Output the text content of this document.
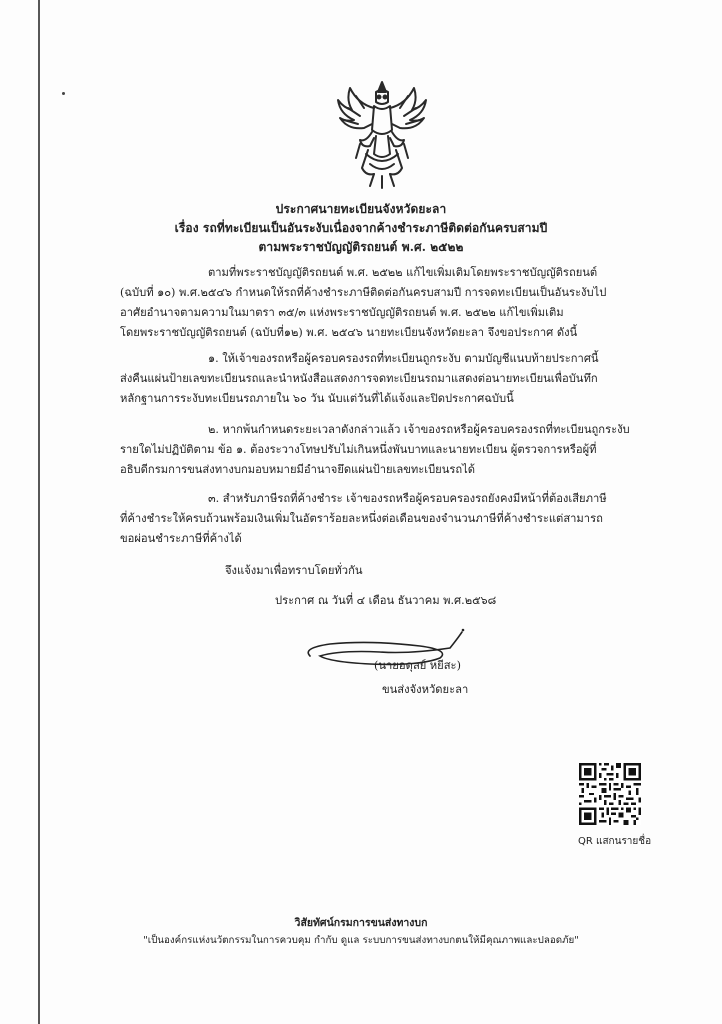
ประกาศนายทะเบียนจังหวัดยะลา
เรื่อง รถที่ทะเบียนเป็นอันระงับเนื่องจากค้างชำระภาษีติดต่อกันครบสามปี
ตามพระราชบัญญัติรถยนต์ พ.ศ. ๒๕๒๒
ตามที่พระราชบัญญัติรถยนต์ พ.ศ. ๒๕๒๒ แก้ไขเพิ่มเติมโดยพระราชบัญญัติรถยนต์
(ฉบับที่ ๑๐) พ.ศ.๒๕๔๖ กำหนดให้รถที่ค้างชำระภาษีติดต่อกันครบสามปี การจดทะเบียนเป็นอันระงับไป
อาศัยอำนาจตามความในมาตรา ๓๕/๓ แห่งพระราชบัญญัติรถยนต์ พ.ศ. ๒๕๒๒ แก้ไขเพิ่มเติม
โดยพระราชบัญญัติรถยนต์ (ฉบับที่๑๒) พ.ศ. ๒๕๔๖ นายทะเบียนจังหวัดยะลา จึงขอประกาศ ดังนี้
๑. ให้เจ้าของรถหรือผู้ครอบครองรถที่ทะเบียนถูกระงับ ตามบัญชีแนบท้ายประกาศนี้
ส่งคืนแผ่นป้ายเลขทะเบียนรถและนำหนังสือแสดงการจดทะเบียนรถมาแสดงต่อนายทะเบียนเพื่อบันทึก
หลักฐานการระงับทะเบียนรถภายใน ๖๐ วัน นับแต่วันที่ได้แจ้งและปิดประกาศฉบับนี้
๒. หากพ้นกำหนดระยะเวลาดังกล่าวแล้ว เจ้าของรถหรือผู้ครอบครองรถที่ทะเบียนถูกระงับ
รายใดไม่ปฏิบัติตาม ข้อ ๑. ต้องระวางโทษปรับไม่เกินหนึ่งพันบาทและนายทะเบียน ผู้ตรวจการหรือผู้ที่
อธิบดีกรมการขนส่งทางบกมอบหมายมีอำนาจยึดแผ่นป้ายเลขทะเบียนรถได้
๓. สำหรับภาษีรถที่ค้างชำระ เจ้าของรถหรือผู้ครอบครองรถยังคงมีหน้าที่ต้องเสียภาษี
ที่ค้างชำระให้ครบถ้วนพร้อมเงินเพิ่มในอัตราร้อยละหนึ่งต่อเดือนของจำนวนภาษีที่ค้างชำระแต่สามารถ
ขอผ่อนชำระภาษีที่ค้างได้
จึงแจ้งมาเพื่อทราบโดยทั่วกัน
ประกาศ ณ วันที่ ๔ เดือน ธันวาคม พ.ศ.๒๕๖๘
(นายอดุลย์ หยีสะ)
ขนส่งจังหวัดยะลา
QR แสกนรายชื่อ
วิสัยทัศน์กรมการขนส่งทางบก
"เป็นองค์กรแห่งนวัตกรรมในการควบคุม กำกับ ดูแล ระบบการขนส่งทางบกตนให้มีคุณภาพและปลอดภัย"
